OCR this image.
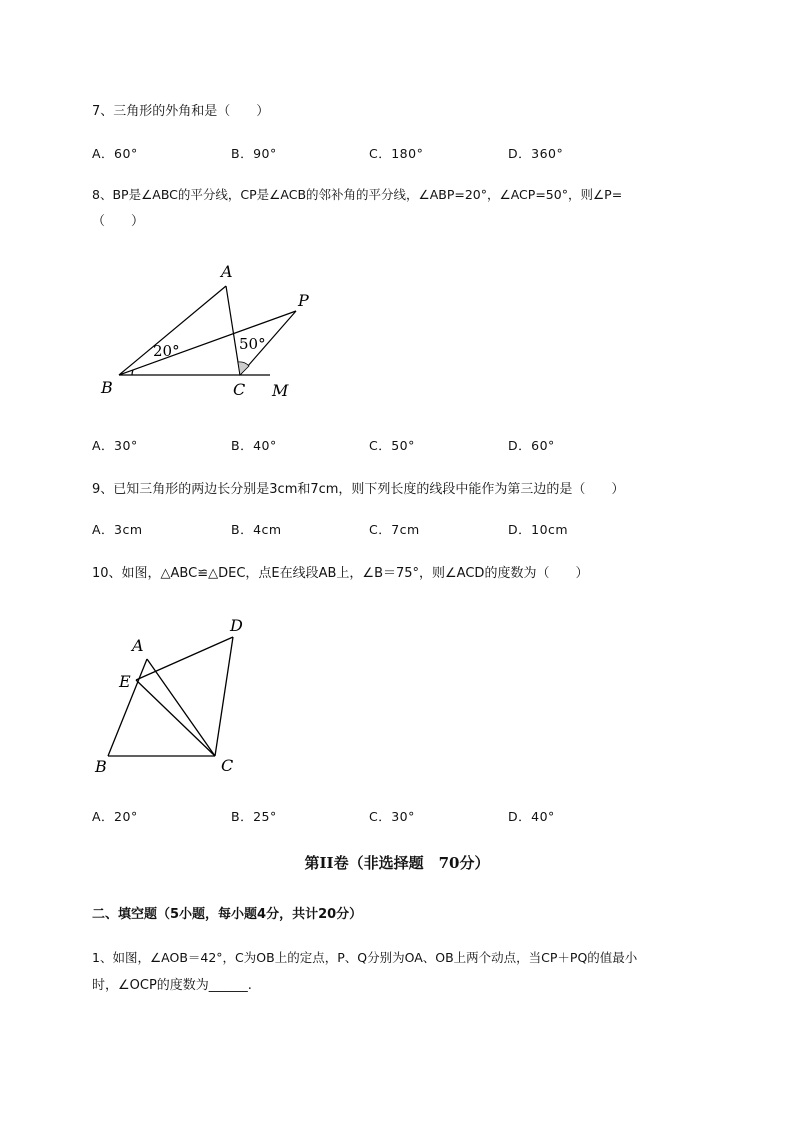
7、三角形的外角和是（　　）
A．60°	B．90°	C．180°	D．360°
8、BP是∠ABC的平分线，CP是∠ACB的邻补角的平分线，∠ABP=20°，∠ACP=50°，则∠P=
（　　）
A
P
B	C M
20°	50°
A
D
E
B	C
A．30°	B．40°	C．50°	D．60°
9、已知三角形的两边长分别是3cm和7cm，则下列长度的线段中能作为第三边的是（　　）
A．3cm	B．4cm	C．7cm	D．10cm
10、如图，△ABC≌△DEC，点E在线段AB上，∠B＝75°，则∠ACD的度数为（　　）
A．20°	B．25°	C．30°	D．40°
第II卷（非选择题　70分）
二、填空题（5小题，每小题4分，共计20分）
1、如图，∠AOB＝42°，C为OB上的定点，P、Q分别为OA、OB上两个动点，当CP＋PQ的值最小
时，∠OCP的度数为______.
